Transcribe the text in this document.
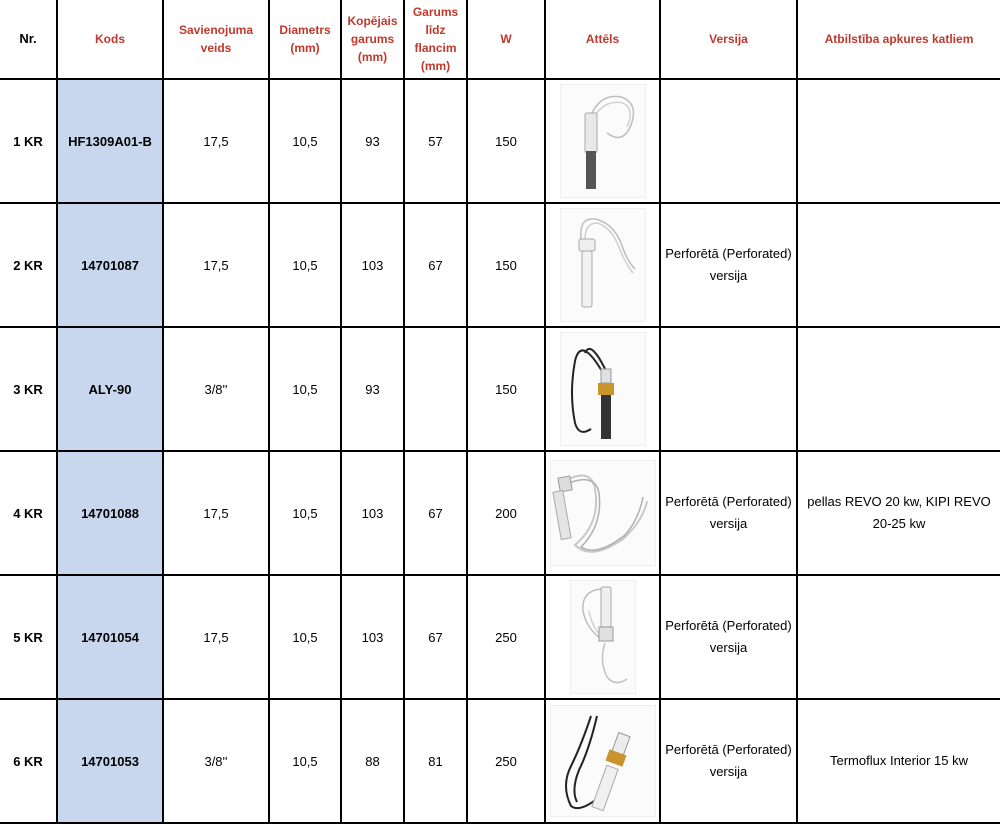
Nr.	Kods	Savienojuma veids	Diametrs (mm)	Kopējais garums (mm)	Garums līdz flancim (mm)	W	Attēls	Versija	Atbilstība apkures katliem
1 KR	HF1309A01-B	17,5	10,5	93	57	150	

2 KR	14701087	17,5	10,5	103	67	150		Perforētā (Perforated) versija	
3 KR	ALY-90	3/8''	10,5	93		150	

4 KR	14701088	17,5	10,5	103	67	200		Perforētā (Perforated) versija	pellas REVO 20 kw, KIPI REVO 20-25 kw
5 KR	14701054	17,5	10,5	103	67	250		Perforētā (Perforated) versija	
6 KR	14701053	3/8''	10,5	88	81	250		Perforētā (Perforated) versija	Termoflux Interior 15 kw
